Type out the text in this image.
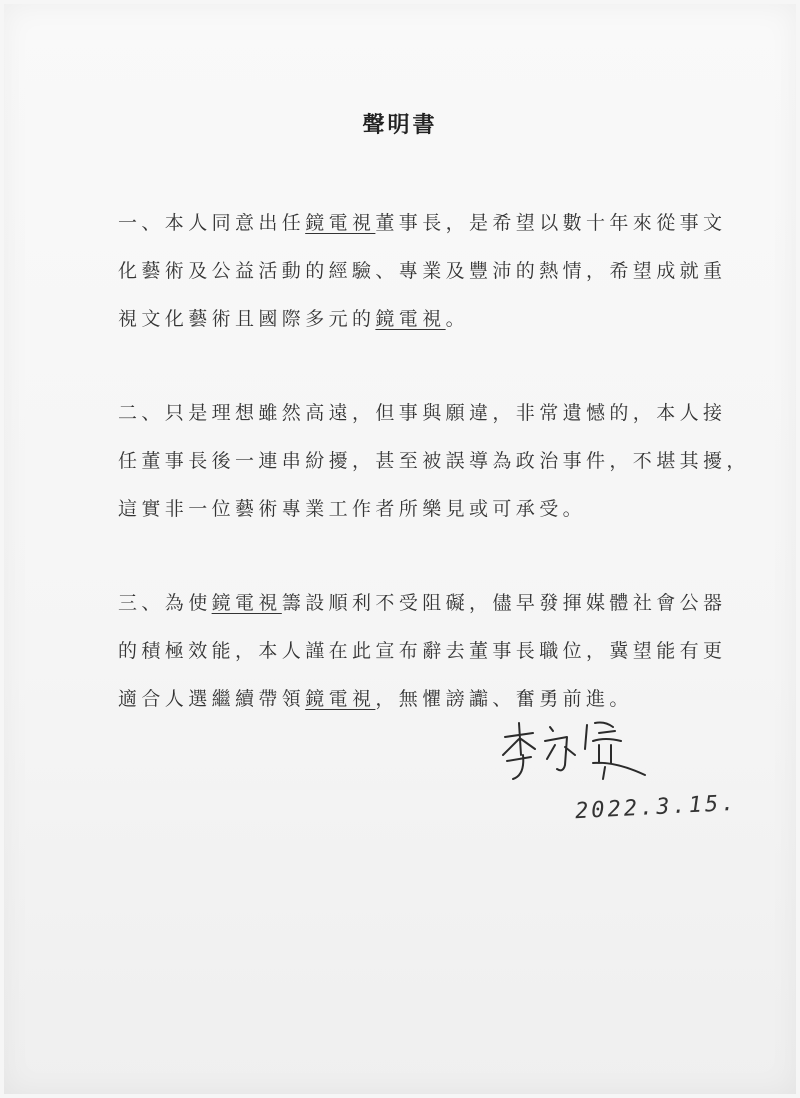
聲明書
一、本人同意出任鏡電視董事長，是希望以數十年來從事文
化藝術及公益活動的經驗、專業及豐沛的熱情，希望成就重
視文化藝術且國際多元的鏡電視。
二、只是理想雖然高遠，但事與願違，非常遺憾的，本人接
任董事長後一連串紛擾，甚至被誤導為政治事件，不堪其擾，
這實非一位藝術專業工作者所樂見或可承受。
三、為使鏡電視籌設順利不受阻礙，儘早發揮媒體社會公器
的積極效能，本人謹在此宣布辭去董事長職位，冀望能有更
適合人選繼續帶領鏡電視，無懼謗讟、奮勇前進。
2022.3.15.
